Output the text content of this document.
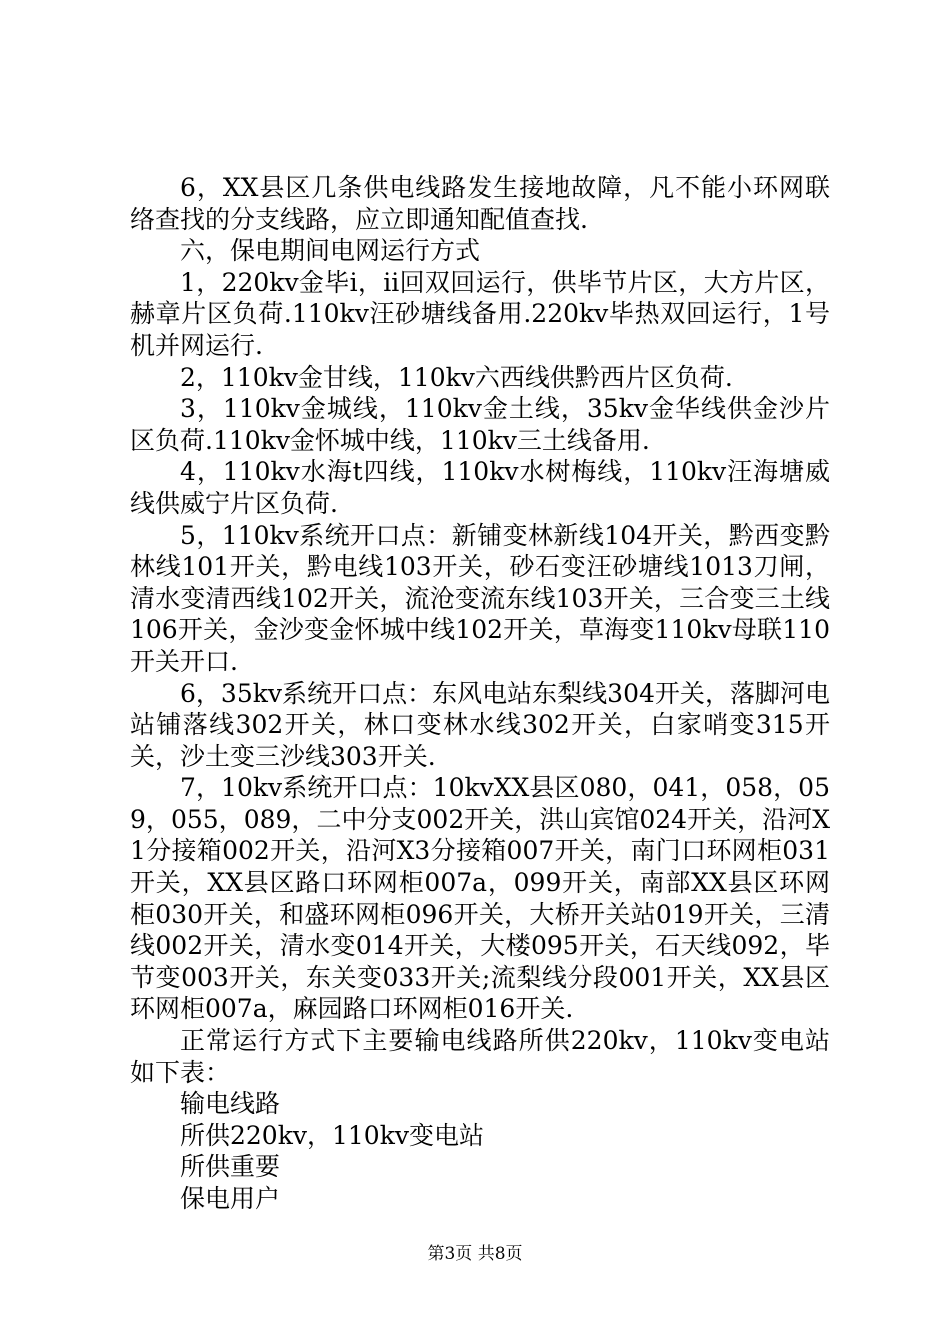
6，XX县区几条供电线路发生接地故障，凡不能小环网联络查找的分支线路，应立即通知配值查找.

六，保电期间电网运行方式

1，220kv金毕i，ii回双回运行，供毕节片区，大方片区，赫章片区负荷.110kv汪砂塘线备用.220kv毕热双回运行，1号机并网运行.

2，110kv金甘线，110kv六西线供黔西片区负荷.

3，110kv金城线，110kv金土线，35kv金华线供金沙片区负荷.110kv金怀城中线，110kv三土线备用.

4，110kv水海t四线，110kv水树梅线，110kv汪海塘威线供威宁片区负荷.

5，110kv系统开口点：新铺变林新线104开关，黔西变黔林线101开关，黔电线103开关，砂石变汪砂塘线1013刀闸，清水变清西线102开关，流沧变流东线103开关，三合变三土线106开关，金沙变金怀城中线102开关，草海变110kv母联110开关开口.

6，35kv系统开口点：东风电站东梨线304开关，落脚河电站铺落线302开关，林口变林水线302开关，白家哨变315开关，沙土变三沙线303开关.

7，10kv系统开口点：10kvXX县区080，041，058，059，055，089，二中分支002开关，洪山宾馆024开关，沿河X1分接箱002开关，沿河X3分接箱007开关，南门口环网柜031开关，XX县区路口环网柜007a，099开关，南部XX县区环网柜030开关，和盛环网柜096开关，大桥开关站019开关，三清线002开关，清水变014开关，大楼095开关，石天线092，毕节变003开关，东关变033开关;流梨线分段001开关，XX县区环网柜007a，麻园路口环网柜016开关.

正常运行方式下主要输电线路所供220kv，110kv变电站如下表：

输电线路

所供220kv，110kv变电站

所供重要

保电用户

第3页 共8页
